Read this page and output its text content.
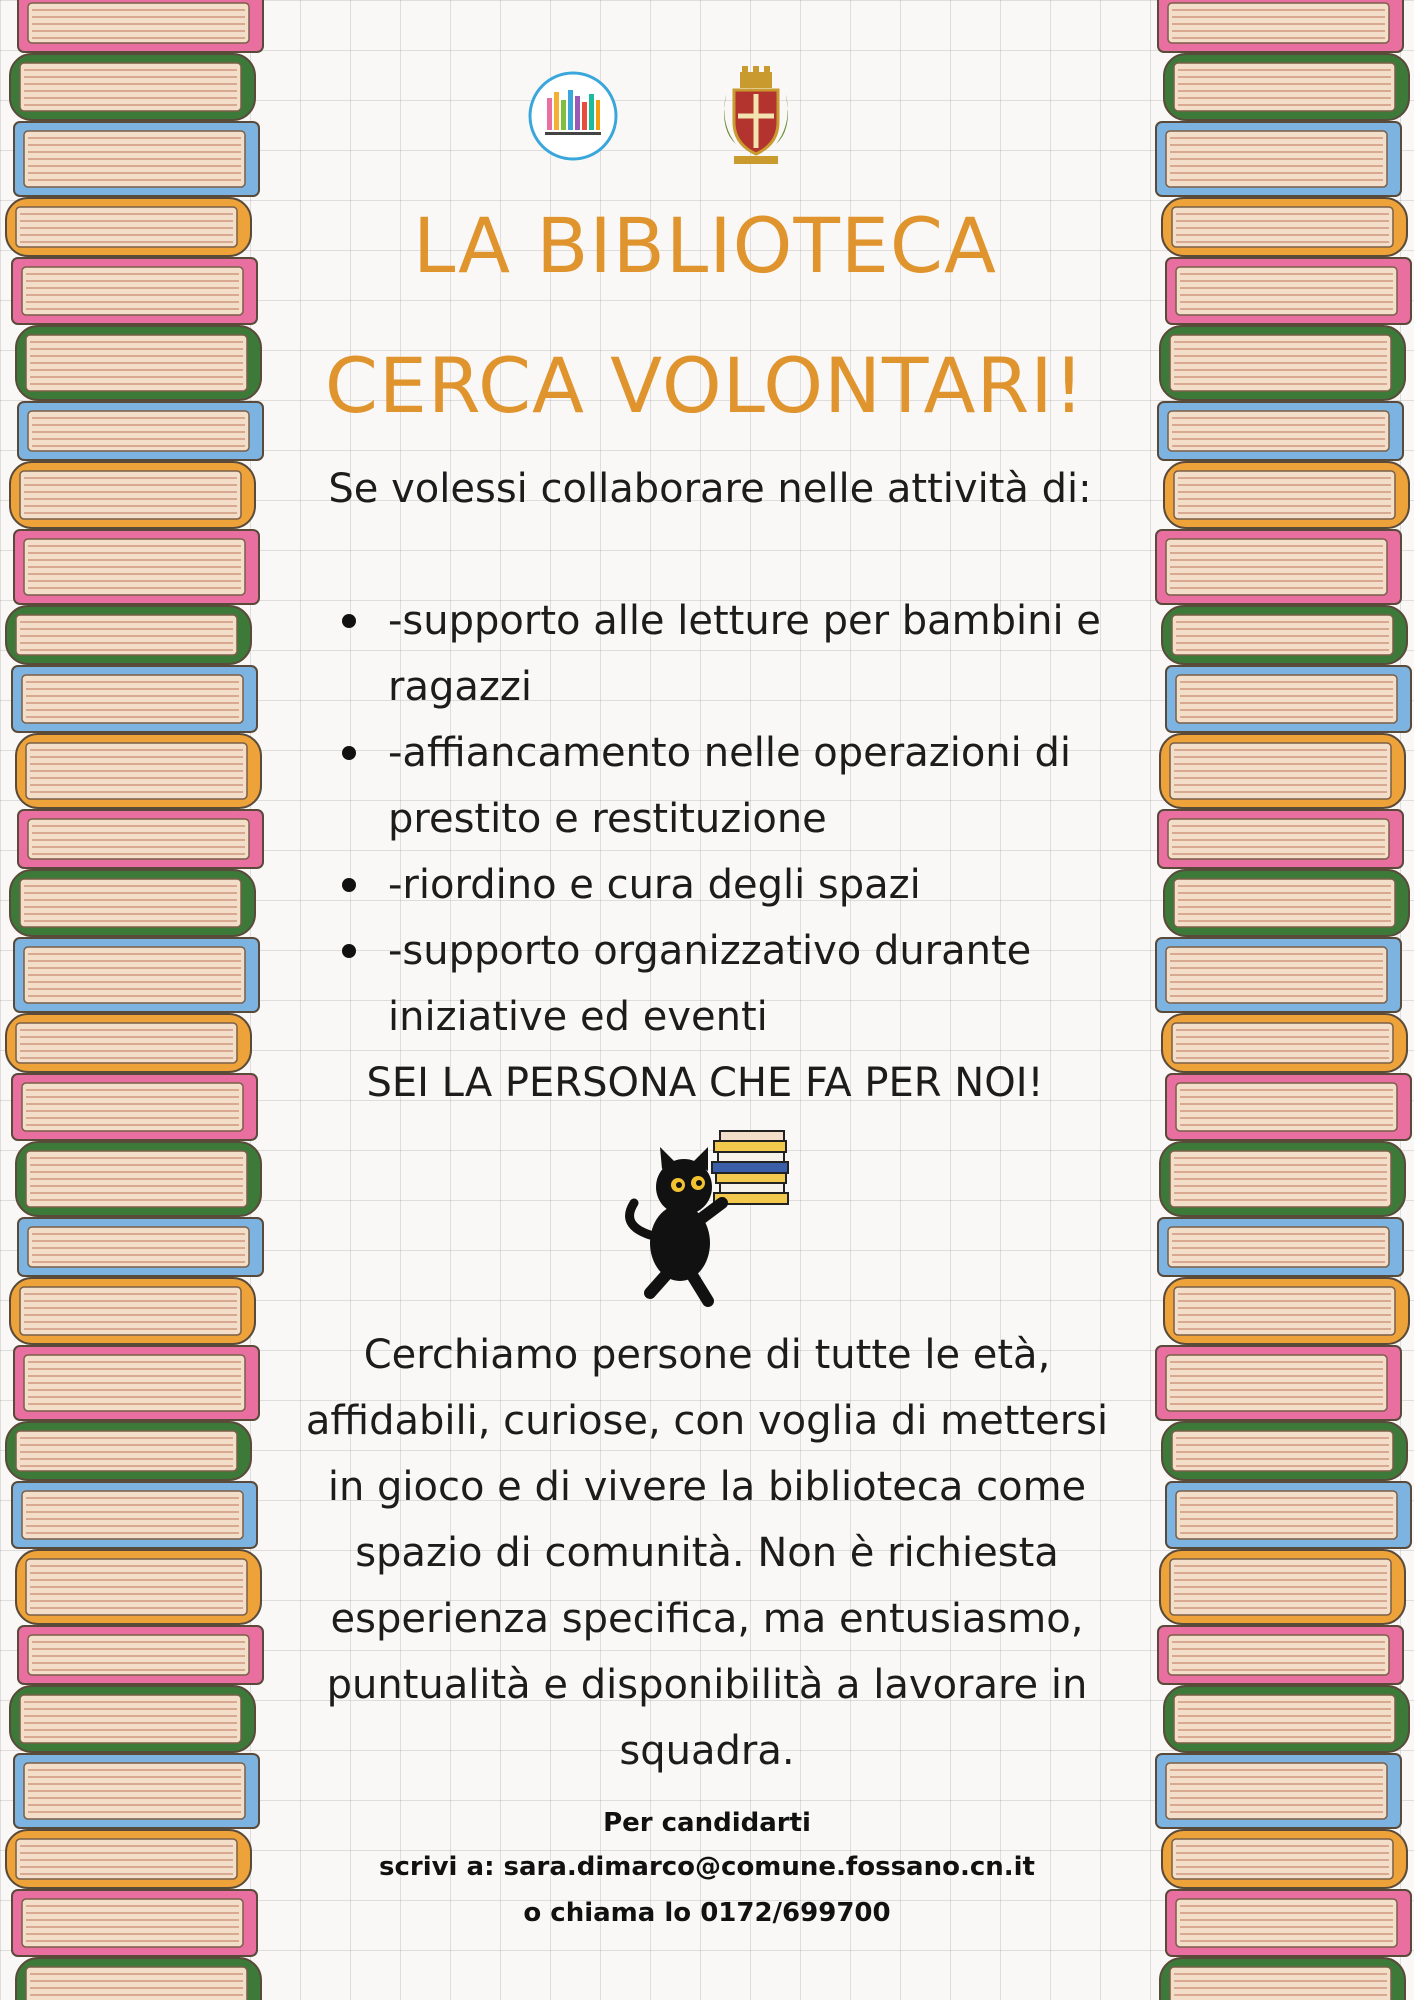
LA BIBLIOTECA
CERCA VOLONTARI!
Se volessi collaborare nelle attività di:
-supporto alle letture per bambini e ragazzi
-affiancamento nelle operazioni di prestito e restituzione
-riordino e cura degli spazi
-supporto organizzativo durante iniziative ed eventi
SEI LA PERSONA CHE FA PER NOI!
Cerchiamo persone di tutte le età, affidabili, curiose, con voglia di mettersi in gioco e di vivere la biblioteca come spazio di comunità. Non è richiesta esperienza specifica, ma entusiasmo, puntualità e disponibilità a lavorare in squadra.
Per candidarti
scrivi a: sara.dimarco@comune.fossano.cn.it
o chiama lo 0172/699700
